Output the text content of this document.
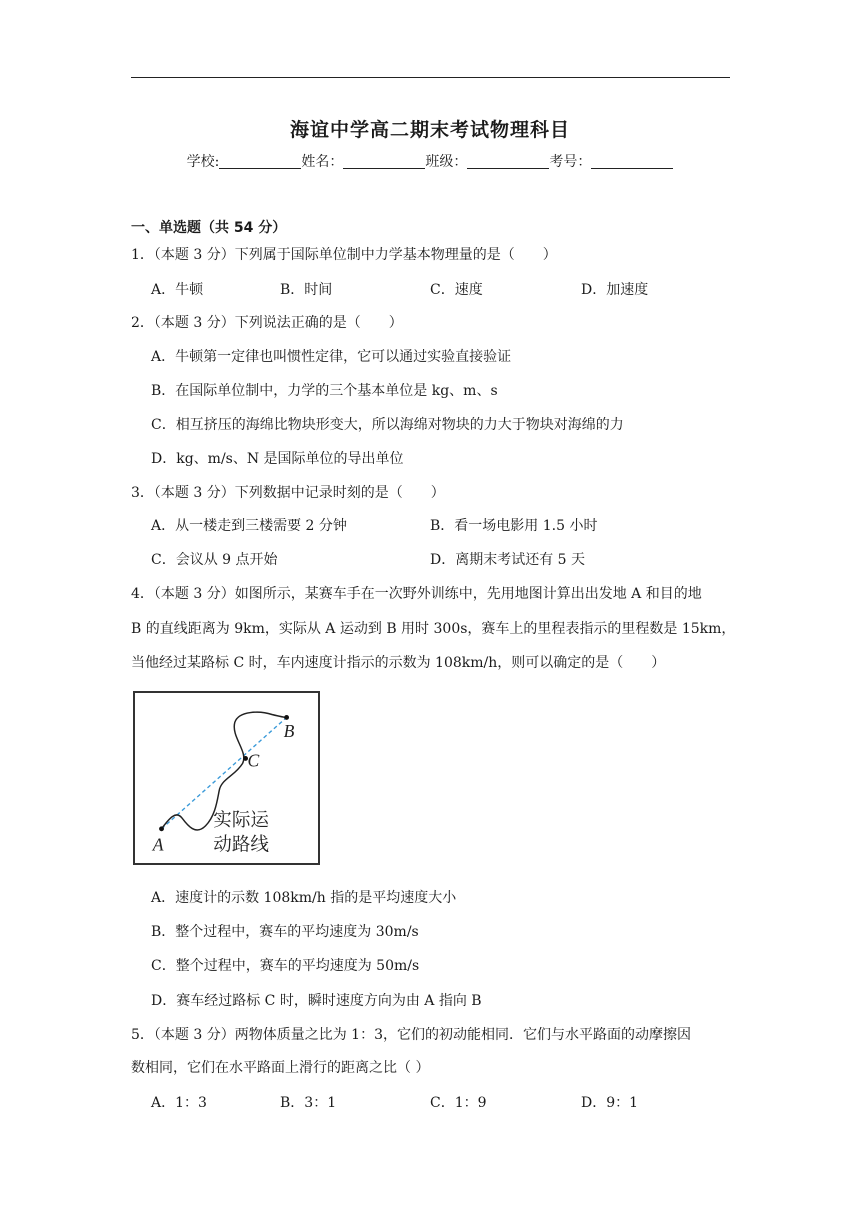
海谊中学高二期末考试物理科目
学校:	姓名：	班级：	考号：
一、单选题（共 54 分）
1．（本题 3 分）下列属于国际单位制中力学基本物理量的是（　　）
A．牛顿	B．时间	C．速度	D．加速度
2．（本题 3 分）下列说法正确的是（　　）
A．牛顿第一定律也叫惯性定律，它可以通过实验直接验证
B．在国际单位制中，力学的三个基本单位是 kg、m、s
C．相互挤压的海绵比物块形变大，所以海绵对物块的力大于物块对海绵的力
D．kg、m/s、N 是国际单位的导出单位
3．（本题 3 分）下列数据中记录时刻的是（　　）
A．从一楼走到三楼需要 2 分钟	B．看一场电影用 1.5 小时
C．会议从 9 点开始	D．离期末考试还有 5 天
4．（本题 3 分）如图所示，某赛车手在一次野外训练中，先用地图计算出出发地 A 和目的地
B 的直线距离为 9km，实际从 A 运动到 B 用时 300s，赛车上的里程表指示的里程数是 15km，
当他经过某路标 C 时，车内速度计指示的示数为 108km/h，则可以确定的是（　　）
A
B
C
实际运
动路线
A．速度计的示数 108km/h 指的是平均速度大小
B．整个过程中，赛车的平均速度为 30m/s
C．整个过程中，赛车的平均速度为 50m/s
D．赛车经过路标 C 时，瞬时速度方向为由 A 指向 B
5．（本题 3 分）两物体质量之比为 1：3，它们的初动能相同．它们与水平路面的动摩擦因
数相同，它们在水平路面上滑行的距离之比（ ）
A．1：3	B．3：1	C．1：9	D．9：1
